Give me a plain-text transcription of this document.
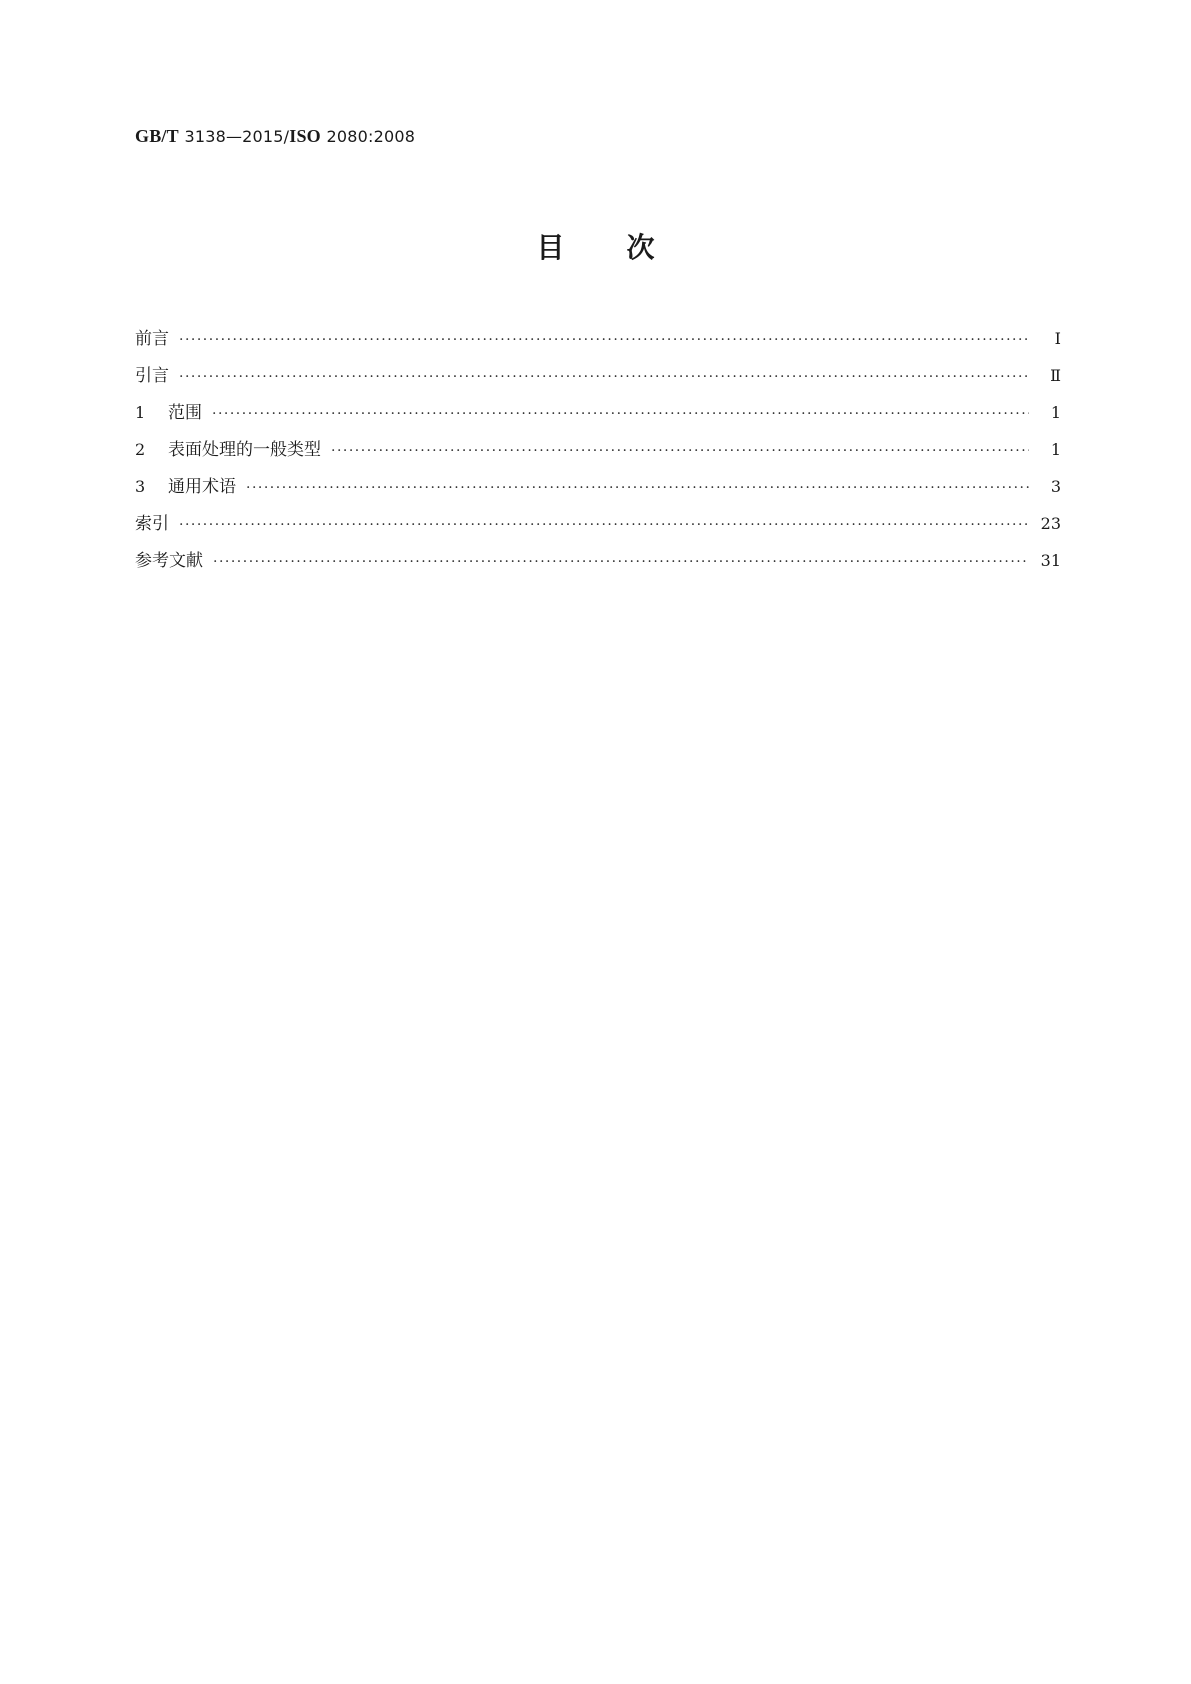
GB/T 3138—2015/ISO 2080:2008
目次
前言 ·····	Ⅰ
引言 ·····	Ⅱ
1	范围 ·····	1
2	表面处理的一般类型 ·····	1
3	通用术语 ·····	3
索引 ·····	23
参考文献 ·····	31
